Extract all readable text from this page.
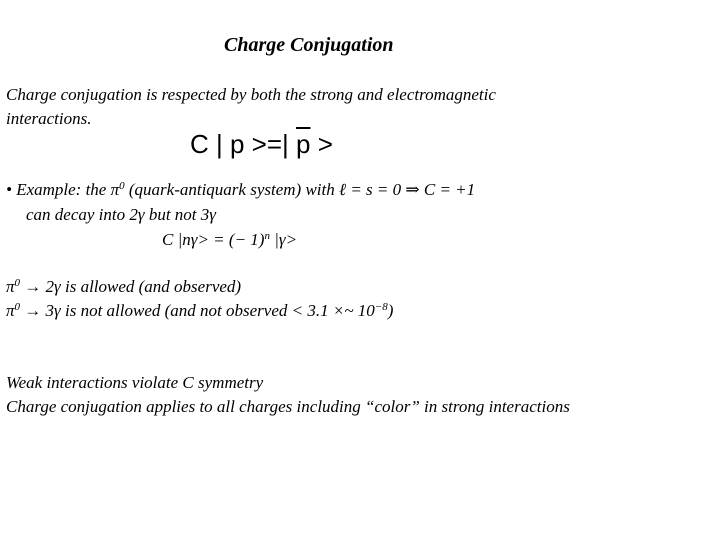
Charge Conjugation
Charge conjugation is respected by both the strong and electromagnetic
interactions.
C | p >=| $\overline{p}$ >
• Example: the $\pi^0$ (quark-antiquark system) with ℓ = s = 0 ⇒ C = +1
can decay into 2γ but not 3γ
C |nγ> = (− 1)$^n$ |γ>
$\pi^0 \to 2\gamma$ is allowed (and observed)
$\pi^0 \to 3\gamma$ is not allowed (and not observed < 3.1 ×~ $10^{-8}$)
Weak interactions violate C symmetry
Charge conjugation applies to all charges including “color” in strong interactions
